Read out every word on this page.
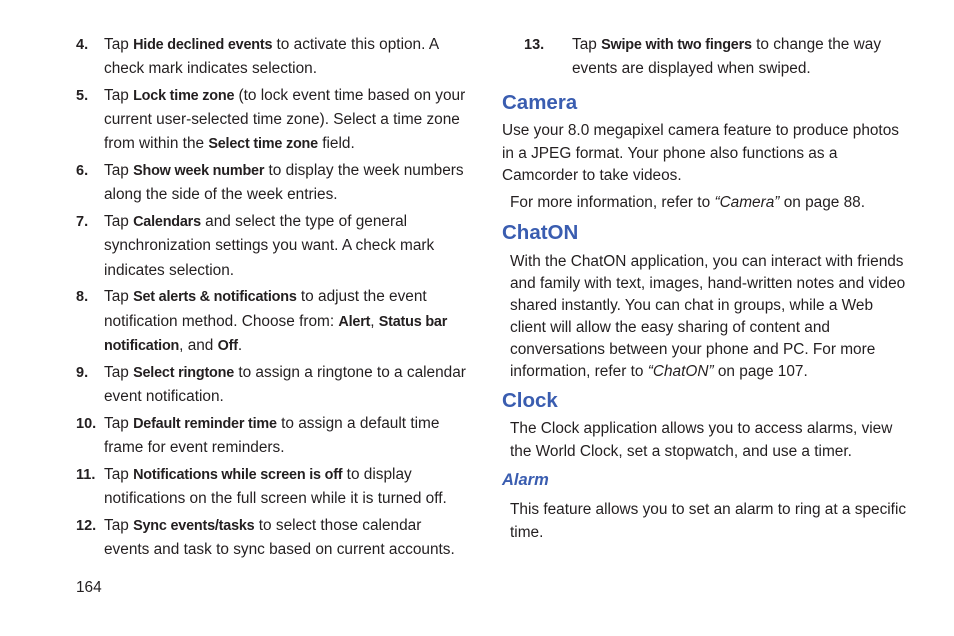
4. Tap Hide declined events to activate this option. A check mark indicates selection.
5. Tap Lock time zone (to lock event time based on your current user-selected time zone). Select a time zone from within the Select time zone field.
6. Tap Show week number to display the week numbers along the side of the week entries.
7. Tap Calendars and select the type of general synchronization settings you want. A check mark indicates selection.
8. Tap Set alerts & notifications to adjust the event notification method. Choose from: Alert, Status bar notification, and Off.
9. Tap Select ringtone to assign a ringtone to a calendar event notification.
10. Tap Default reminder time to assign a default time frame for event reminders.
11. Tap Notifications while screen is off to display notifications on the full screen while it is turned off.
12. Tap Sync events/tasks to select those calendar events and task to sync based on current accounts.
13. Tap Swipe with two fingers to change the way events are displayed when swiped.
Camera

Use your 8.0 megapixel camera feature to produce photos in a JPEG format. Your phone also functions as a Camcorder to take videos.

For more information, refer to “Camera” on page 88.

ChatON

With the ChatON application, you can interact with friends and family with text, images, hand-written notes and video shared instantly. You can chat in groups, while a Web client will allow the easy sharing of content and conversations between your phone and PC. For more information, refer to “ChatON” on page 107.

Clock

The Clock application allows you to access alarms, view the World Clock, set a stopwatch, and use a timer.

Alarm

This feature allows you to set an alarm to ring at a specific time.

164
